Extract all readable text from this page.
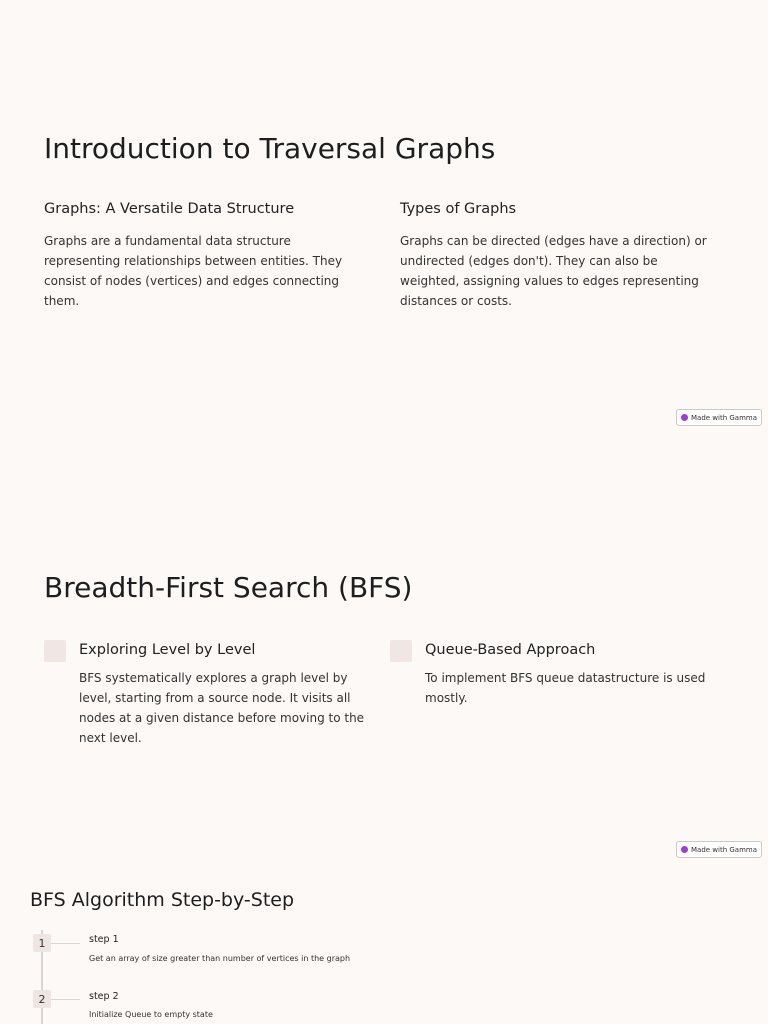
Introduction to Traversal Graphs
Graphs: A Versatile Data Structure

Graphs are a fundamental data structure representing relationships between entities. They consist of nodes (vertices) and edges connecting them.

Types of Graphs

Graphs can be directed (edges have a direction) or undirected (edges don't). They can also be weighted, assigning values to edges representing distances or costs.

Made with Gamma
Breadth-First Search (BFS)
Exploring Level by Level

BFS systematically explores a graph level by level, starting from a source node. It visits all nodes at a given distance before moving to the next level.

Queue-Based Approach

To implement BFS queue datastructure is used mostly.

Made with Gamma
BFS Algorithm Step-by-Step
1	step 1
Get an array of size greater than number of vertices in the graph
2	step 2
Initialize Queue to empty state
